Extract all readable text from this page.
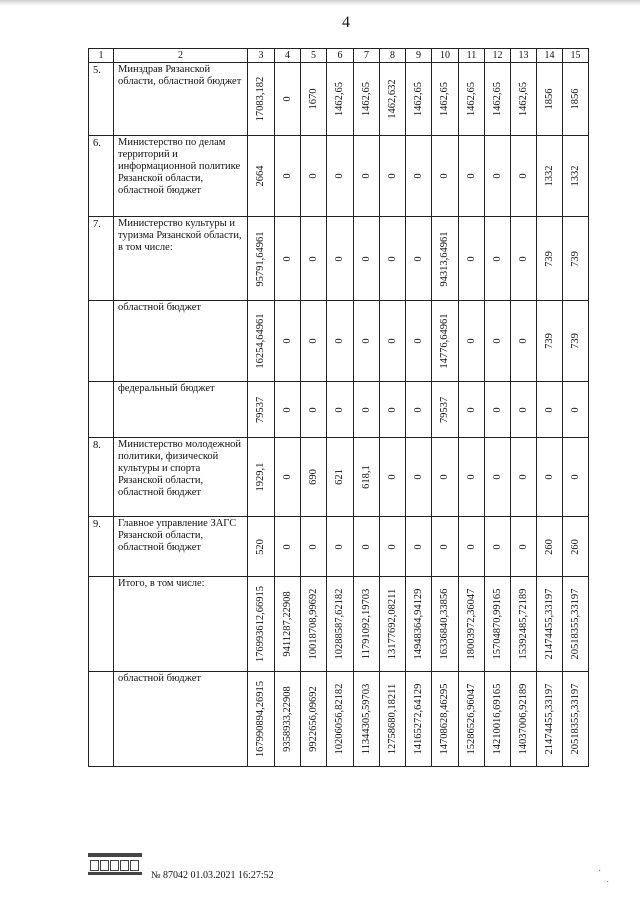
4
1	2	3	4	5	6	7	8	9	10	11	12	13	14	15
5.	Минздрав Рязанской области, областной бюджет	17083,182	0	1670	1462,65	1462,65	1462,632	1462,65	1462,65	1462,65	1462,65	1462,65	1856	1856

6.	Министерство по делам территорий и информационной политике Рязанской области, областной бюджет	2664	0	0	0	0	0	0	0	0	0	0	1332	1332

7.	Министерство культуры и туризма Рязанской области, в том числе:	95791,64961	0	0	0	0	0	0	94313,64961	0	0	0	739	739

	областной бюджет	16254,64961	0	0	0	0	0	0	14776,64961	0	0	0	739	739

	федеральный бюджет	79537	0	0	0	0	0	0	79537	0	0	0	0	0

8.	Министерство молодежной политики, физической культуры и спорта Рязанской области, областной бюджет	1929,1	0	690	621	618,1	0	0	0	0	0	0	0	0

9.	Главное управление ЗАГС Рязанской области, областной бюджет	520	0	0	0	0	0	0	0	0	0	0	260	260

	Итого, в том числе:	176993612,66915	9411287,22908	10018708,99692	10288587,62182	11791092,19703	13177692,08211	14948364,94129	16336840,33856	18003972,36047	15704870,99165	15392485,72189	21474455,33197	20518355,33197

	областной бюджет	167990894,26915	9358933,22908	9922656,09692	10206056,82182	11344305,59703	12758680,18211	14165272,64129	14708628,46295	15286526,96047	14210016,69165	14037006,92189	21474455,33197	20518355,33197
№ 87042 01.03.2021 16:27:52	·
˙
